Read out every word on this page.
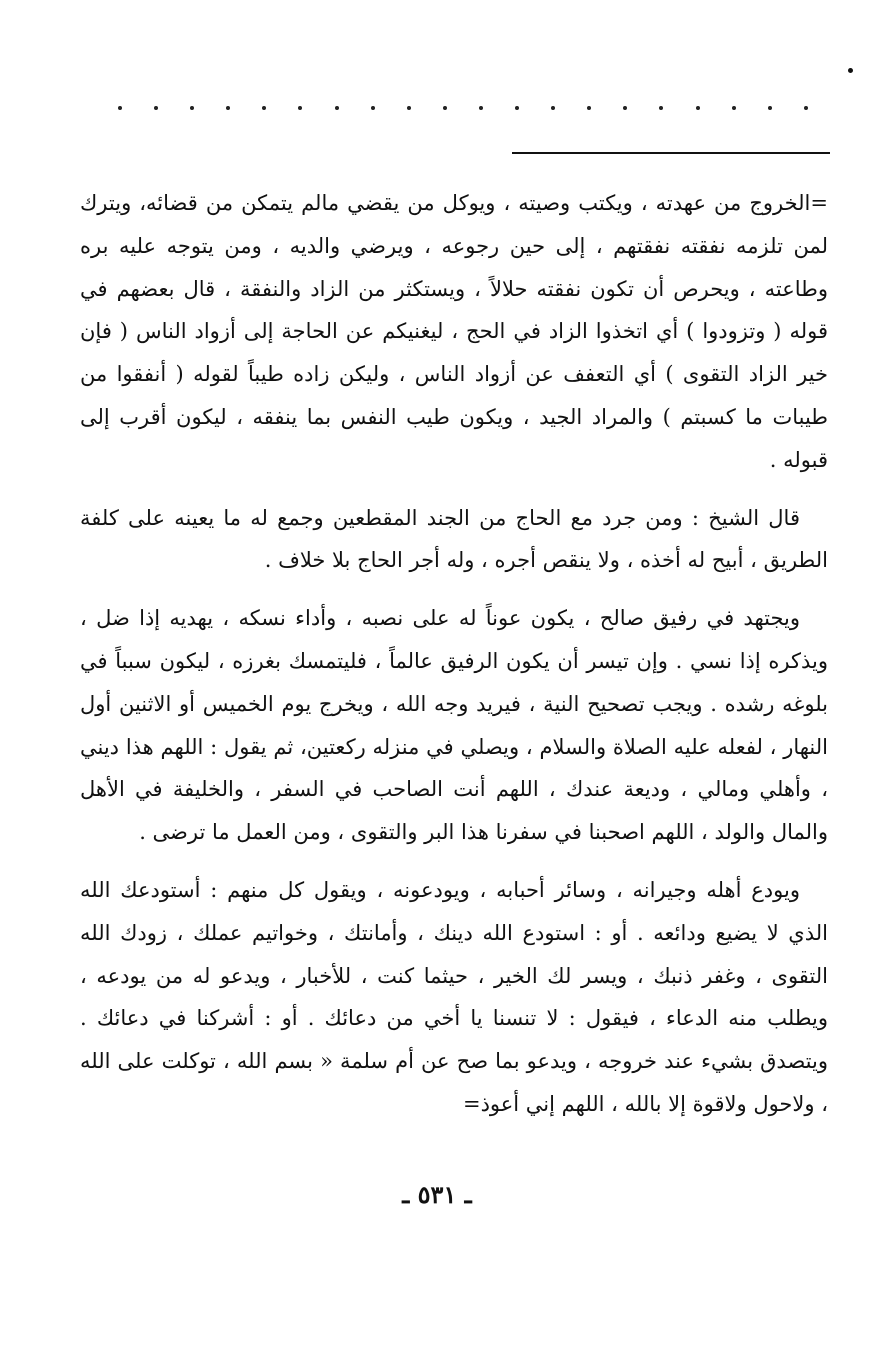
=الخروج من عهدته ، ويكتب وصيته ، ويوكل من يقضي مالم يتمكن من قضائه، ويترك لمن تلزمه نفقته نفقتهم ، إلى حين رجوعه ، ويرضي والديه ، ومن يتوجه عليه بره وطاعته ، ويحرص أن تكون نفقته حلالاً ، ويستكثر من الزاد والنفقة ، قال بعضهم في قوله ( وتزودوا ) أي اتخذوا الزاد في الحج ، ليغنيكم عن الحاجة إلى أزواد الناس ( فإن خير الزاد التقوى ) أي التعفف عن أزواد الناس ، وليكن زاده طيباً لقوله ( أنفقوا من طيبات ما كسبتم ) والمراد الجيد ، ويكون طيب النفس بما ينفقه ، ليكون أقرب إلى قبوله .

قال الشيخ : ومن جرد مع الحاج من الجند المقطعين وجمع له ما يعينه على كلفة الطريق ، أبيح له أخذه ، ولا ينقص أجره ، وله أجر الحاج بلا خلاف .

ويجتهد في رفيق صالح ، يكون عوناً له على نصبه ، وأداء نسكه ، يهديه إذا ضل ، ويذكره إذا نسي . وإن تيسر أن يكون الرفيق عالماً ، فليتمسك بغرزه ، ليكون سبباً في بلوغه رشده . ويجب تصحيح النية ، فيريد وجه الله ، ويخرج يوم الخميس أو الاثنين أول النهار ، لفعله عليه الصلاة والسلام ، ويصلي في منزله ركعتين، ثم يقول : اللهم هذا ديني ، وأهلي ومالي ، وديعة عندك ، اللهم أنت الصاحب في السفر ، والخليفة في الأهل والمال والولد ، اللهم اصحبنا في سفرنا هذا البر والتقوى ، ومن العمل ما ترضى .

ويودع أهله وجيرانه ، وسائر أحبابه ، ويودعونه ، ويقول كل منهم : أستودعك الله الذي لا يضيع ودائعه . أو : استودع الله دينك ، وأمانتك ، وخواتيم عملك ، زودك الله التقوى ، وغفر ذنبك ، ويسر لك الخير ، حيثما كنت ، للأخبار ، ويدعو له من يودعه ، ويطلب منه الدعاء ، فيقول : لا تنسنا يا أخي من دعائك . أو : أشركنا في دعائك . ويتصدق بشيء عند خروجه ، ويدعو بما صح عن أم سلمة « بسم الله ، توكلت على الله ، ولاحول ولاقوة إلا بالله ، اللهم إني أعوذ=

ـ ٥٣١ ـ
